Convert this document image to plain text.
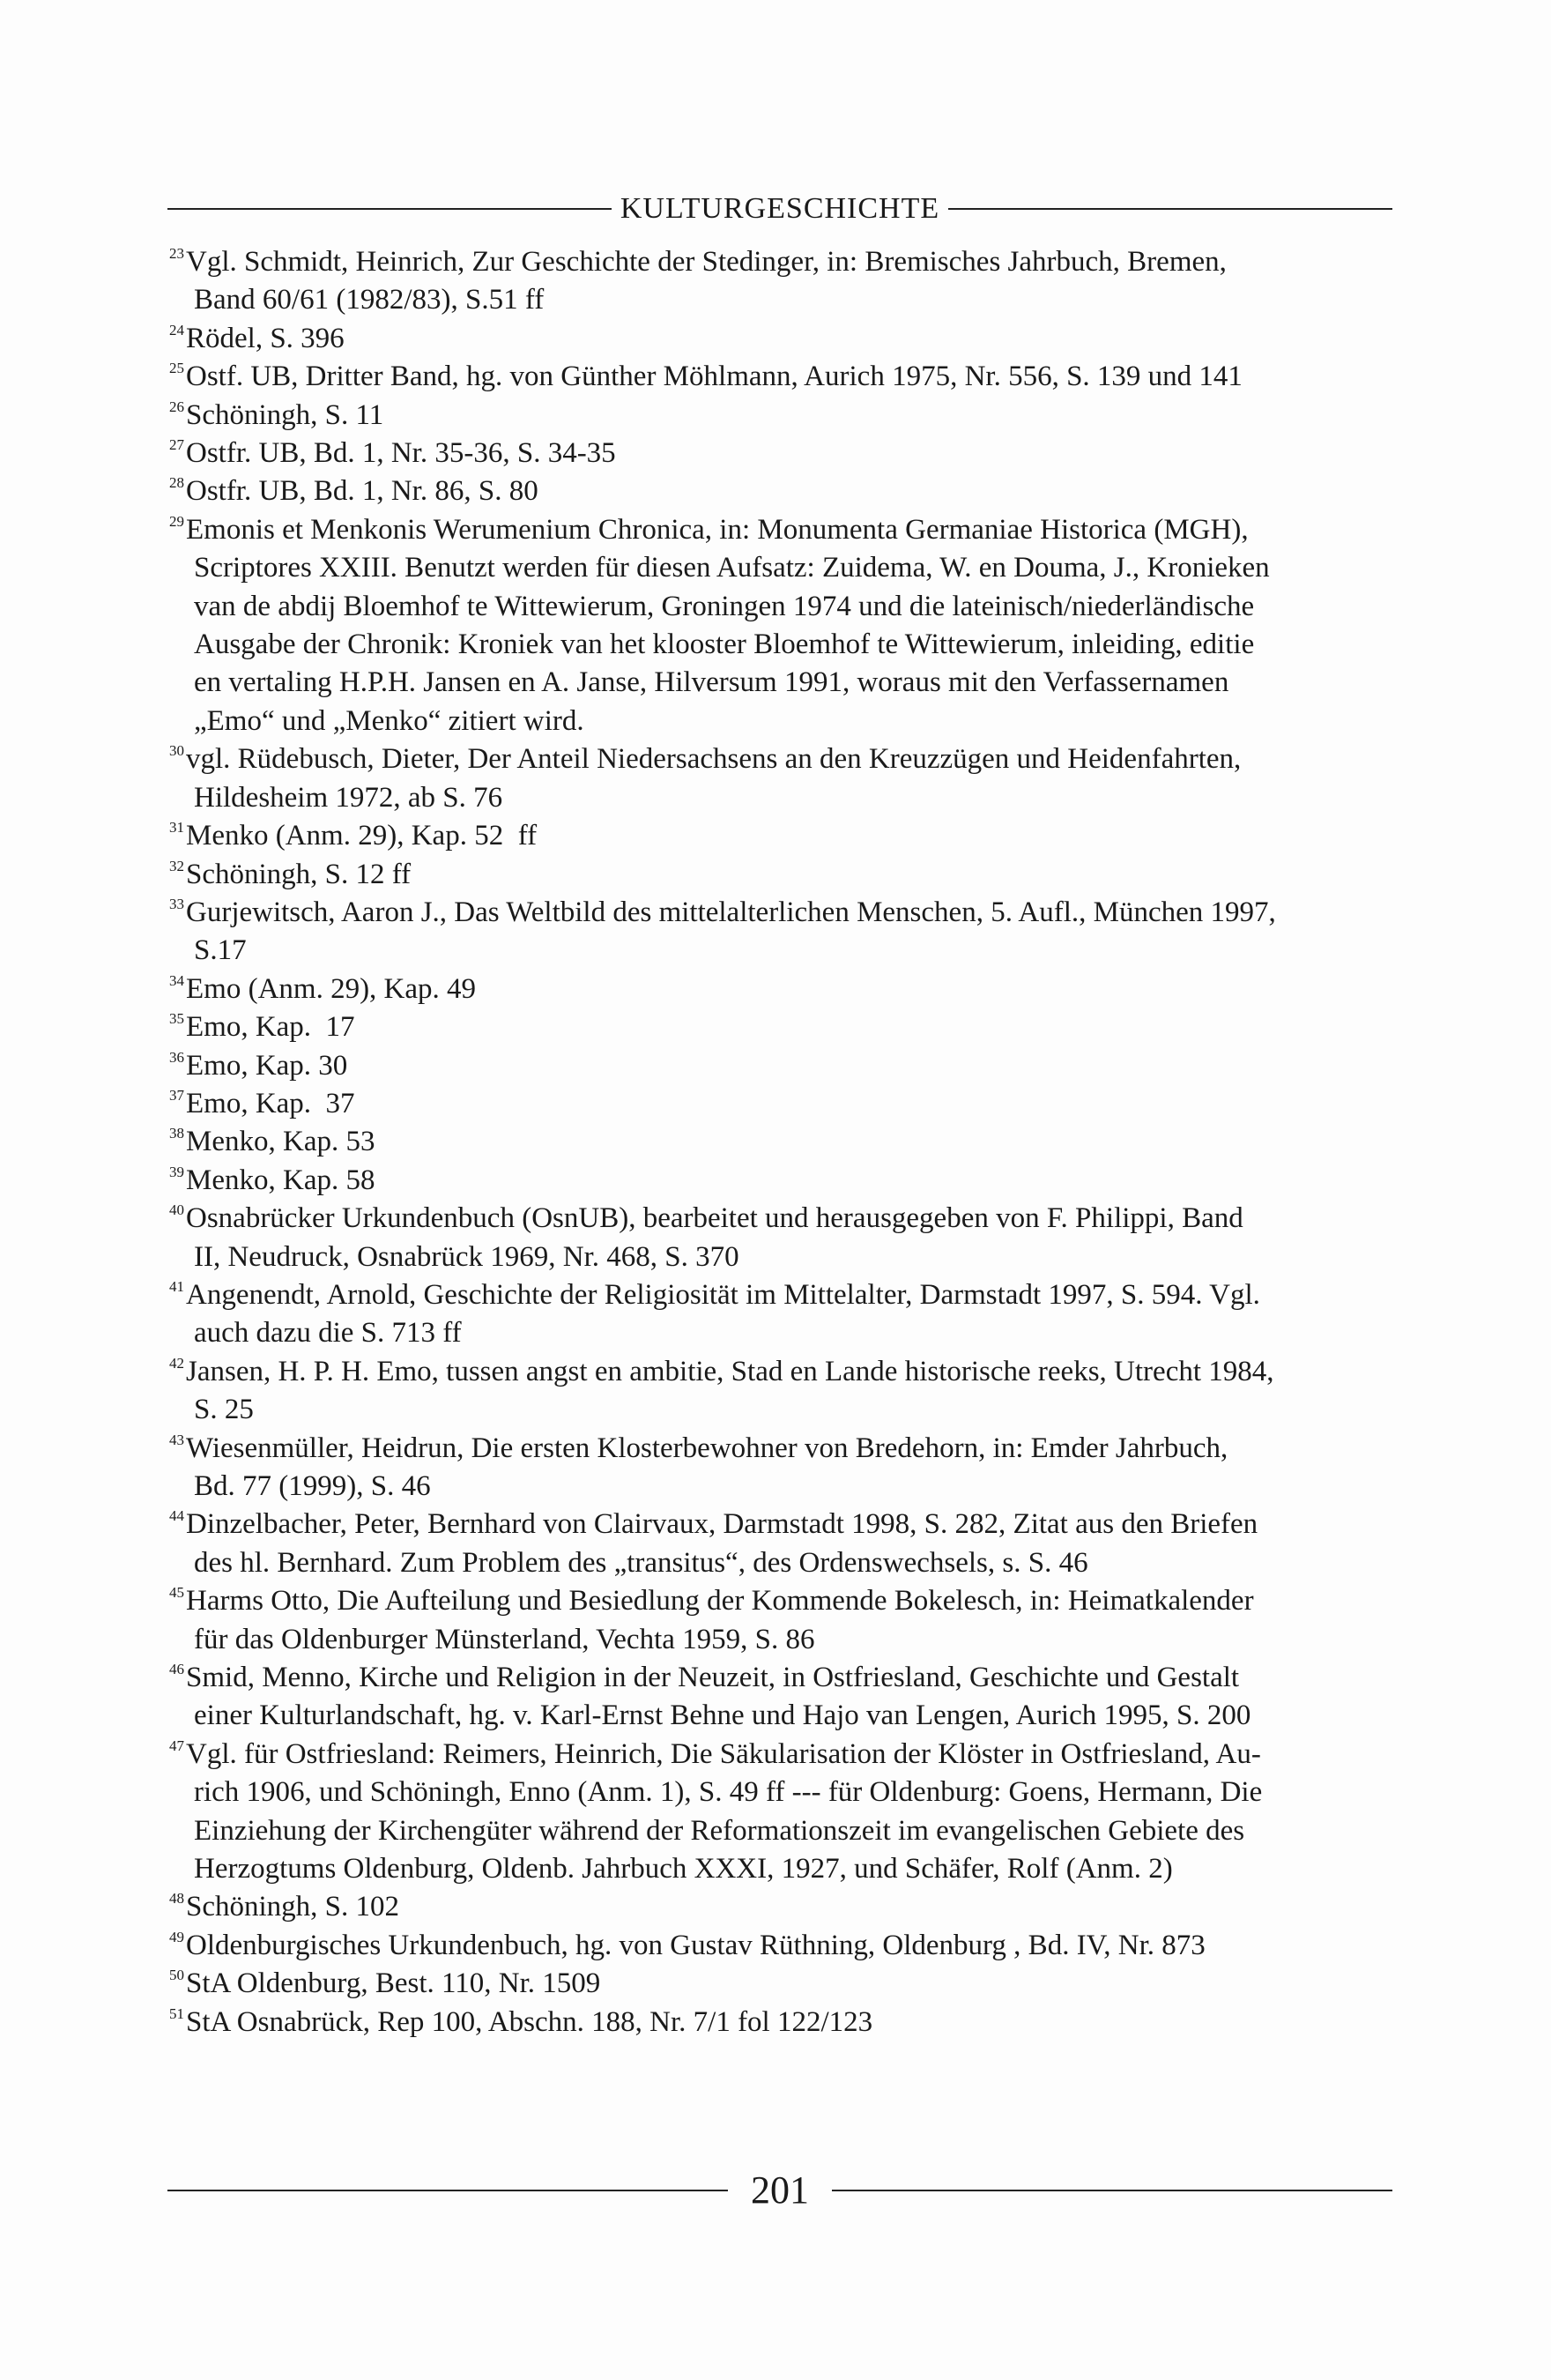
KULTURGESCHICHTE
$^{23}$Vgl. Schmidt, Heinrich, Zur Geschichte der Stedinger, in: Bremisches Jahrbuch, Bremen,
Band 60/61 (1982/83), S.51 ff
$^{24}$Rödel, S. 396
$^{25}$Ostf. UB, Dritter Band, hg. von Günther Möhlmann, Aurich 1975, Nr. 556, S. 139 und 141
$^{26}$Schöningh, S. 11
$^{27}$Ostfr. UB, Bd. 1, Nr. 35-36, S. 34-35
$^{28}$Ostfr. UB, Bd. 1, Nr. 86, S. 80
$^{29}$Emonis et Menkonis Werumenium Chronica, in: Monumenta Germaniae Historica (MGH),
Scriptores XXIII. Benutzt werden für diesen Aufsatz: Zuidema, W. en Douma, J., Kronieken
van de abdij Bloemhof te Wittewierum, Groningen 1974 und die lateinisch/niederländische
Ausgabe der Chronik: Kroniek van het klooster Bloemhof te Wittewierum, inleiding, editie
en vertaling H.P.H. Jansen en A. Janse, Hilversum 1991, woraus mit den Verfassernamen
„Emo“ und „Menko“ zitiert wird.
$^{30}$vgl. Rüdebusch, Dieter, Der Anteil Niedersachsens an den Kreuzzügen und Heidenfahrten,
Hildesheim 1972, ab S. 76
$^{31}$Menko (Anm. 29), Kap. 52  ff
$^{32}$Schöningh, S. 12 ff
$^{33}$Gurjewitsch, Aaron J., Das Weltbild des mittelalterlichen Menschen, 5. Aufl., München 1997,
S.17
$^{34}$Emo (Anm. 29), Kap. 49
$^{35}$Emo, Kap.  17
$^{36}$Emo, Kap. 30
$^{37}$Emo, Kap.  37
$^{38}$Menko, Kap. 53
$^{39}$Menko, Kap. 58
$^{40}$Osnabrücker Urkundenbuch (OsnUB), bearbeitet und herausgegeben von F. Philippi, Band
II, Neudruck, Osnabrück 1969, Nr. 468, S. 370
$^{41}$Angenendt, Arnold, Geschichte der Religiosität im Mittelalter, Darmstadt 1997, S. 594. Vgl.
auch dazu die S. 713 ff
$^{42}$Jansen, H. P. H. Emo, tussen angst en ambitie, Stad en Lande historische reeks, Utrecht 1984,
S. 25
$^{43}$Wiesenmüller, Heidrun, Die ersten Klosterbewohner von Bredehorn, in: Emder Jahrbuch,
Bd. 77 (1999), S. 46
$^{44}$Dinzelbacher, Peter, Bernhard von Clairvaux, Darmstadt 1998, S. 282, Zitat aus den Briefen
des hl. Bernhard. Zum Problem des „transitus“, des Ordenswechsels, s. S. 46
$^{45}$Harms Otto, Die Aufteilung und Besiedlung der Kommende Bokelesch, in: Heimatkalender
für das Oldenburger Münsterland, Vechta 1959, S. 86
$^{46}$Smid, Menno, Kirche und Religion in der Neuzeit, in Ostfriesland, Geschichte und Gestalt
einer Kulturlandschaft, hg. v. Karl-Ernst Behne und Hajo van Lengen, Aurich 1995, S. 200
$^{47}$Vgl. für Ostfriesland: Reimers, Heinrich, Die Säkularisation der Klöster in Ostfriesland, Au-
rich 1906, und Schöningh, Enno (Anm. 1), S. 49 ff --- für Oldenburg: Goens, Hermann, Die
Einziehung der Kirchengüter während der Reformationszeit im evangelischen Gebiete des
Herzogtums Oldenburg, Oldenb. Jahrbuch XXXI, 1927, und Schäfer, Rolf (Anm. 2)
$^{48}$Schöningh, S. 102
$^{49}$Oldenburgisches Urkundenbuch, hg. von Gustav Rüthning, Oldenburg , Bd. IV, Nr. 873
$^{50}$StA Oldenburg, Best. 110, Nr. 1509
$^{51}$StA Osnabrück, Rep 100, Abschn. 188, Nr. 7/1 fol 122/123
201
